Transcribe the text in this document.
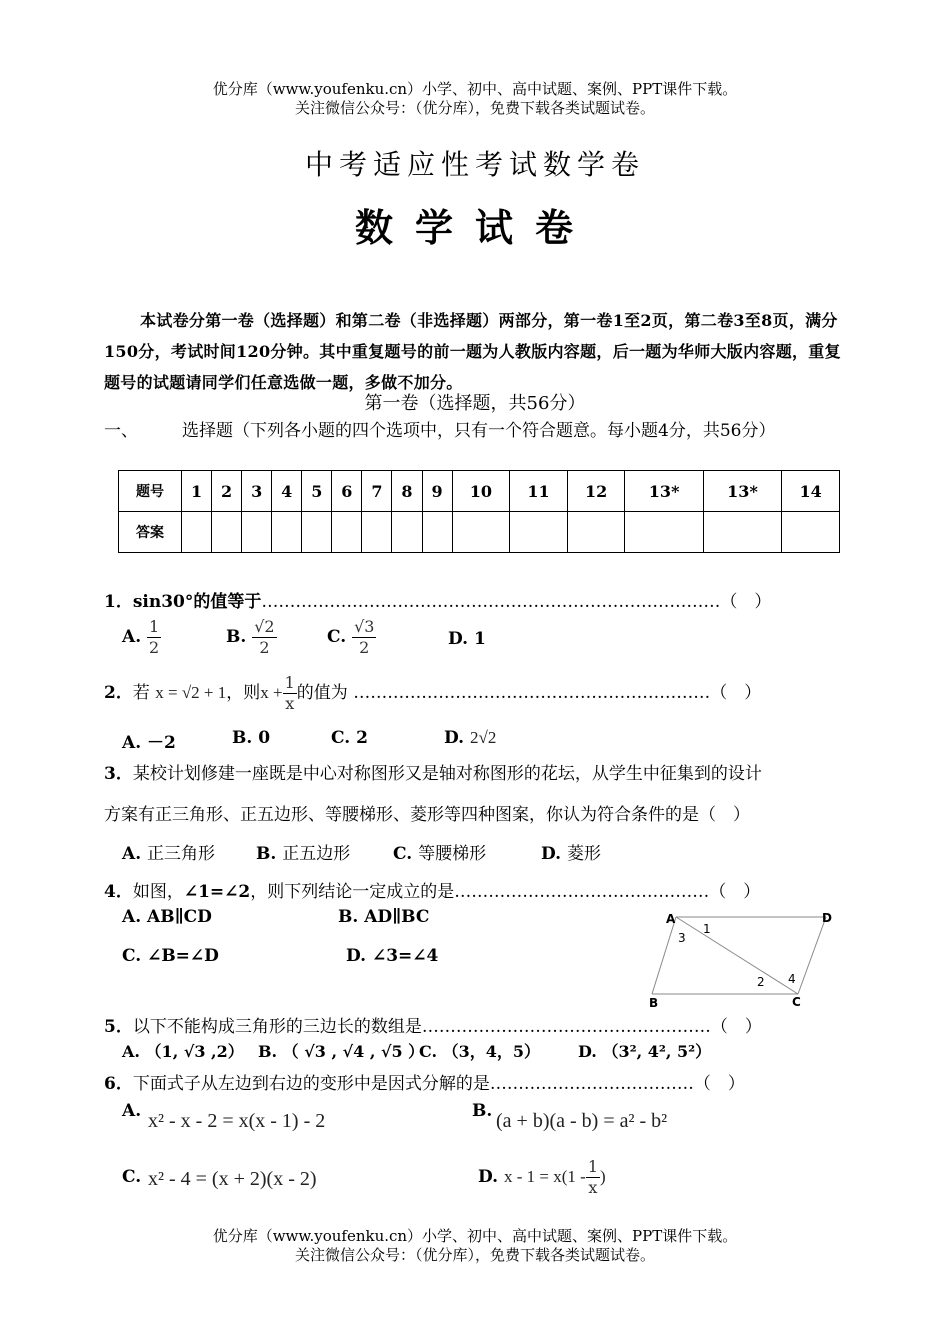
优分库（www.youfenku.cn）小学、初中、高中试题、案例、PPT课件下载。
关注微信公众号：（优分库），免费下载各类试题试卷。
中考适应性考试数学卷
数学试卷
本试卷分第一卷（选择题）和第二卷（非选择题）两部分，第一卷1至2页，第二卷3至8页，满分150分，考试时间120分钟。其中重复题号的前一题为人教版内容题，后一题为华师大版内容题，重复题号的试题请同学们任意选做一题，多做不加分。
第一卷（选择题，共56分）
一、	选择题（下列各小题的四个选项中，只有一个符合题意。每小题4分，共56分）
题号	1	2	3	4	5	6	7	8	9	10	11	12	13*	13*	14
答案															
1．sin30°的值等于………………………………………………………………………（　）
A. $\frac{1}{2}$	B. $\frac{√2}{2}$	C. $\frac{√3}{2}$	D. 1
2．若 x = √2 + 1，则$x + \frac{1}{x}$ 的值为 ………………………………………………………（　）
A. －2	B. 0	C. 2	D. 2√2
3．某校计划修建一座既是中心对称图形又是轴对称图形的花坛，从学生中征集到的设计
方案有正三角形、正五边形、等腰梯形、菱形等四种图案，你认为符合条件的是（　）
A. 正三角形 B. 正五边形	C. 等腰梯形	D. 菱形
4．如图，∠1=∠2，则下列结论一定成立的是………………………………………（　）
A. AB∥CD	B. AD∥BC
C. ∠B=∠D	D. ∠3=∠4
A	D
B	C
1
2
3
4
5．以下不能构成三角形的三边长的数组是……………………………………………（　）
A. （1, √3 ,2） B. （ √3 , √4 , √5 ）
C. （3，4，5） D. （3², 4², 5²）
6．下面式子从左边到右边的变形中是因式分解的是………………………………（　）
A. x² - x - 2 = x(x - 1) - 2	B. (a + b)(a - b) = a² - b²
C. x² - 4 = (x + 2)(x - 2)	D. $x - 1 = x(1 - \frac{1}{x}$ )
优分库（www.youfenku.cn）小学、初中、高中试题、案例、PPT课件下载。
关注微信公众号：（优分库），免费下载各类试题试卷。
